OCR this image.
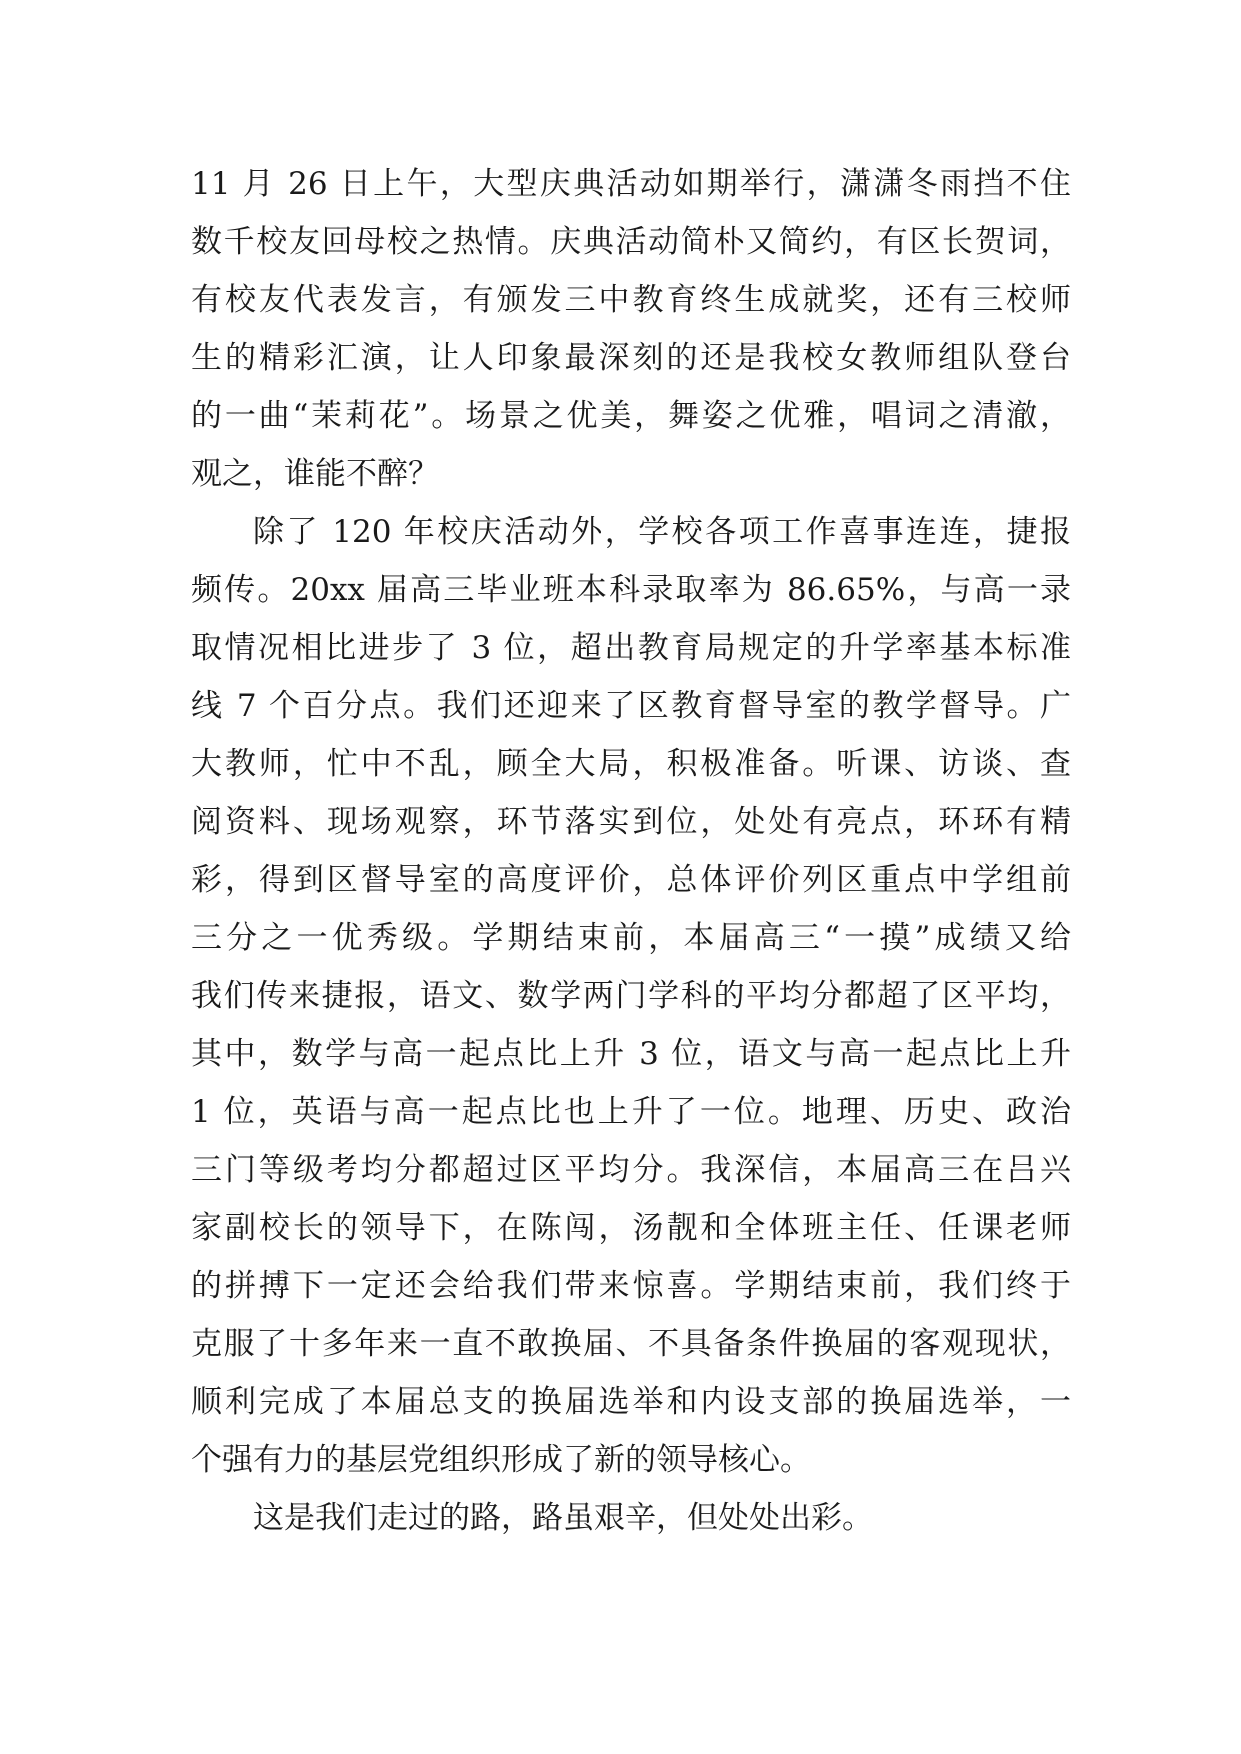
11 月 26 日上午，大型庆典活动如期举行，潇潇冬雨挡不住
数千校友回母校之热情。庆典活动简朴又简约，有区长贺词，
有校友代表发言，有颁发三中教育终生成就奖，还有三校师
生的精彩汇演，让人印象最深刻的还是我校女教师组队登台
的一曲“茉莉花”。场景之优美，舞姿之优雅，唱词之清澈，
观之，谁能不醉？
除了 120 年校庆活动外，学校各项工作喜事连连，捷报
频传。20xx 届高三毕业班本科录取率为 86.65%，与高一录
取情况相比进步了 3 位，超出教育局规定的升学率基本标准
线 7 个百分点。我们还迎来了区教育督导室的教学督导。广
大教师，忙中不乱，顾全大局，积极准备。听课、访谈、查
阅资料、现场观察，环节落实到位，处处有亮点，环环有精
彩，得到区督导室的高度评价，总体评价列区重点中学组前
三分之一优秀级。学期结束前，本届高三“一摸”成绩又给
我们传来捷报，语文、数学两门学科的平均分都超了区平均，
其中，数学与高一起点比上升 3 位，语文与高一起点比上升
1 位，英语与高一起点比也上升了一位。地理、历史、政治
三门等级考均分都超过区平均分。我深信，本届高三在吕兴
家副校长的领导下，在陈闯，汤靓和全体班主任、任课老师
的拼搏下一定还会给我们带来惊喜。学期结束前，我们终于
克服了十多年来一直不敢换届、不具备条件换届的客观现状，
顺利完成了本届总支的换届选举和内设支部的换届选举，一
个强有力的基层党组织形成了新的领导核心。
这是我们走过的路，路虽艰辛，但处处出彩。
